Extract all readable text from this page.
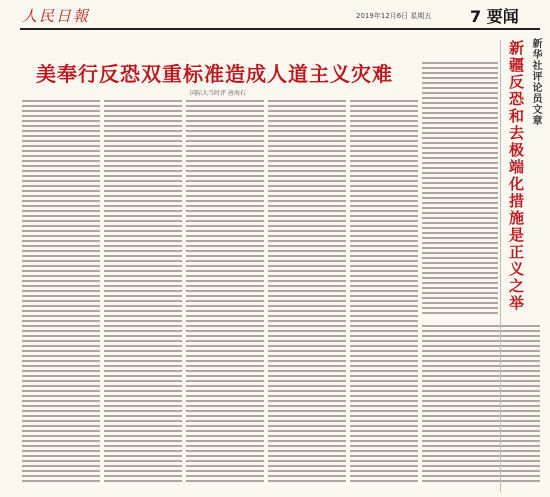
人民日報	2019年12月6日 星期五 7 要闻
美奉行反恐双重标准造成人道主义灾难
国际大当时评 唐海石	新华社评论员文章
新疆反恐和去极端化措施是正义之举
